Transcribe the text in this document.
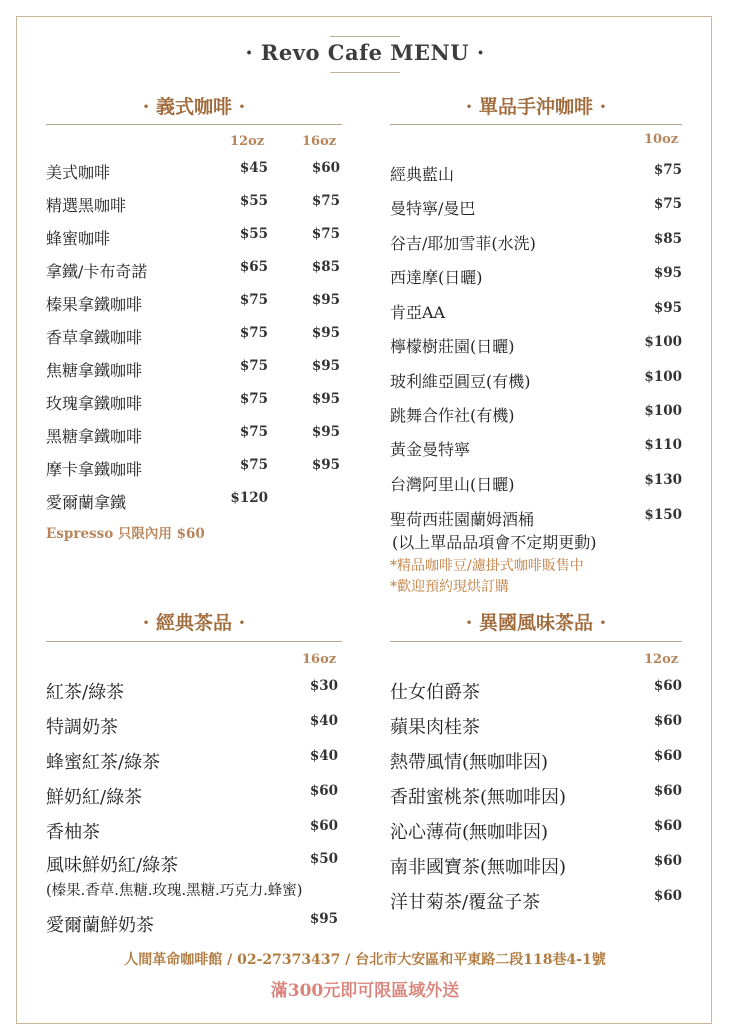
· Revo Cafe MENU ·
· 義式咖啡 ·
12oz	16oz
美式咖啡	$45	$60
精選黑咖啡	$55	$75
蜂蜜咖啡	$55	$75
拿鐵/卡布奇諾	$65	$85
榛果拿鐵咖啡	$75	$95
香草拿鐵咖啡	$75	$95
焦糖拿鐵咖啡	$75	$95
玫瑰拿鐵咖啡	$75	$95
黑糖拿鐵咖啡	$75	$95
摩卡拿鐵咖啡	$75	$95
愛爾蘭拿鐵	$120
Espresso 只限內用 $60
· 單品手沖咖啡 ·
10oz
經典藍山	$75
曼特寧/曼巴	$75
谷吉/耶加雪菲(水洗)	$85
西達摩(日曬)	$95
肯亞AA	$95
檸檬樹莊園(日曬)	$100
玻利維亞圓豆(有機)	$100
跳舞合作社(有機)	$100
黃金曼特寧	$110
台灣阿里山(日曬)	$130
聖荷西莊園蘭姆酒桶	$150
(以上單品品項會不定期更動)
*精品咖啡豆/濾掛式咖啡販售中
*歡迎預約現烘訂購
· 經典茶品 ·
16oz
紅茶/綠茶	$30
特調奶茶	$40
蜂蜜紅茶/綠茶	$40
鮮奶紅/綠茶	$60
香柚茶	$60
風味鮮奶紅/綠茶	$50
愛爾蘭鮮奶茶	$95
(榛果.香草.焦糖.玫瑰.黑糖.巧克力.蜂蜜)
· 異國風味茶品 ·
12oz
仕女伯爵茶	$60
蘋果肉桂茶	$60
熱帶風情(無咖啡因)	$60
香甜蜜桃茶(無咖啡因)	$60
沁心薄荷(無咖啡因)	$60
南非國寶茶(無咖啡因)	$60
洋甘菊茶/覆盆子茶	$60
人間革命咖啡館 / 02-27373437 / 台北市大安區和平東路二段118巷4-1號
滿300元即可限區域外送
